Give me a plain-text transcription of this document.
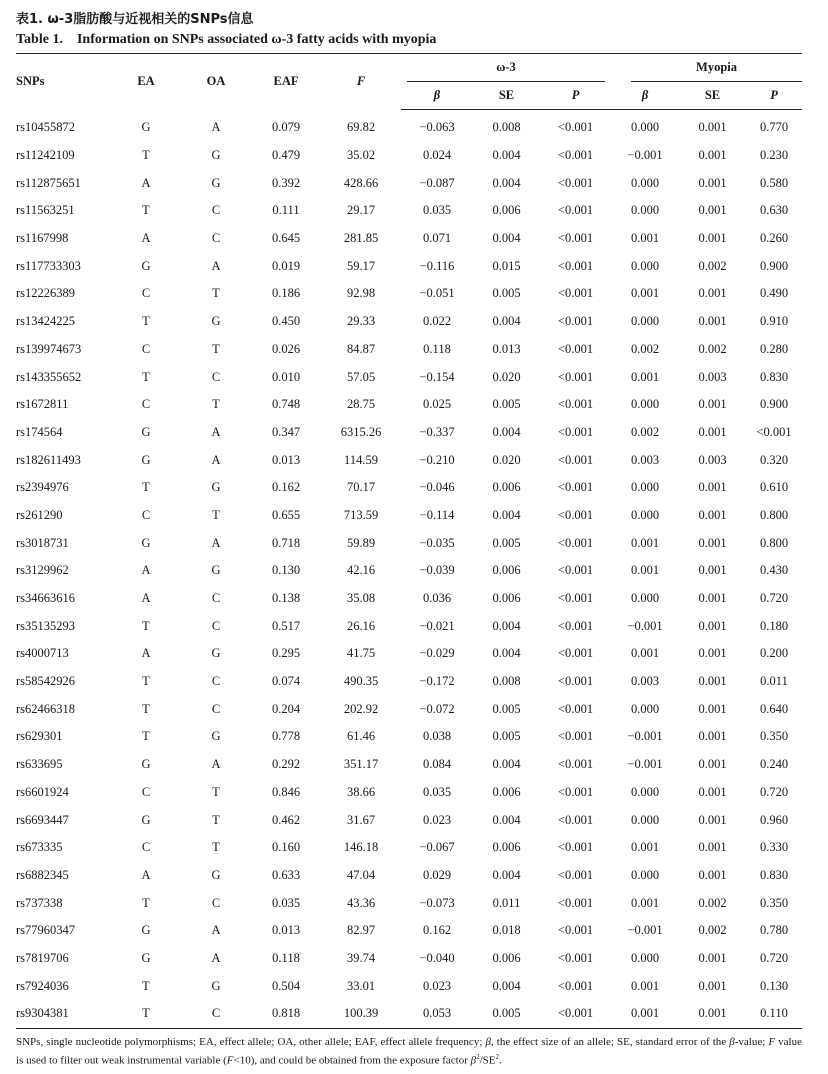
表1. ω-3脂肪酸与近视相关的SNPs信息
Table 1. Information on SNPs associated ω-3 fatty acids with myopia
SNPs	EA	OA	EAF	F	ω-3			Myopia		

					β	SE	P	β	SE	P
rs10455872	G	A	0.079	69.82	−0.063	0.008	<0.001	0.000	0.001	0.770
rs11242109	T	G	0.479	35.02	0.024	0.004	<0.001	−0.001	0.001	0.230
rs112875651	A	G	0.392	428.66	−0.087	0.004	<0.001	0.000	0.001	0.580
rs11563251	T	C	0.111	29.17	0.035	0.006	<0.001	0.000	0.001	0.630
rs1167998	A	C	0.645	281.85	0.071	0.004	<0.001	0.001	0.001	0.260
rs117733303	G	A	0.019	59.17	−0.116	0.015	<0.001	0.000	0.002	0.900
rs12226389	C	T	0.186	92.98	−0.051	0.005	<0.001	0.001	0.001	0.490
rs13424225	T	G	0.450	29.33	0.022	0.004	<0.001	0.000	0.001	0.910
rs139974673	C	T	0.026	84.87	0.118	0.013	<0.001	0.002	0.002	0.280
rs143355652	T	C	0.010	57.05	−0.154	0.020	<0.001	0.001	0.003	0.830
rs1672811	C	T	0.748	28.75	0.025	0.005	<0.001	0.000	0.001	0.900
rs174564	G	A	0.347	6315.26	−0.337	0.004	<0.001	0.002	0.001	<0.001
rs182611493	G	A	0.013	114.59	−0.210	0.020	<0.001	0.003	0.003	0.320
rs2394976	T	G	0.162	70.17	−0.046	0.006	<0.001	0.000	0.001	0.610
rs261290	C	T	0.655	713.59	−0.114	0.004	<0.001	0.000	0.001	0.800
rs3018731	G	A	0.718	59.89	−0.035	0.005	<0.001	0.001	0.001	0.800
rs3129962	A	G	0.130	42.16	−0.039	0.006	<0.001	0.001	0.001	0.430
rs34663616	A	C	0.138	35.08	0.036	0.006	<0.001	0.000	0.001	0.720
rs35135293	T	C	0.517	26.16	−0.021	0.004	<0.001	−0.001	0.001	0.180
rs4000713	A	G	0.295	41.75	−0.029	0.004	<0.001	0.001	0.001	0.200
rs58542926	T	C	0.074	490.35	−0.172	0.008	<0.001	0.003	0.001	0.011
rs62466318	T	C	0.204	202.92	−0.072	0.005	<0.001	0.000	0.001	0.640
rs629301	T	G	0.778	61.46	0.038	0.005	<0.001	−0.001	0.001	0.350
rs633695	G	A	0.292	351.17	0.084	0.004	<0.001	−0.001	0.001	0.240
rs6601924	C	T	0.846	38.66	0.035	0.006	<0.001	0.000	0.001	0.720
rs6693447	G	T	0.462	31.67	0.023	0.004	<0.001	0.000	0.001	0.960
rs673335	C	T	0.160	146.18	−0.067	0.006	<0.001	0.001	0.001	0.330
rs6882345	A	G	0.633	47.04	0.029	0.004	<0.001	0.000	0.001	0.830
rs737338	T	C	0.035	43.36	−0.073	0.011	<0.001	0.001	0.002	0.350
rs77960347	G	A	0.013	82.97	0.162	0.018	<0.001	−0.001	0.002	0.780
rs7819706	G	A	0.118	39.74	−0.040	0.006	<0.001	0.000	0.001	0.720
rs7924036	T	G	0.504	33.01	0.023	0.004	<0.001	0.001	0.001	0.130
rs9304381	T	C	0.818	100.39	0.053	0.005	<0.001	0.001	0.001	0.110
SNPs, single nucleotide polymorphisms; EA, effect allele; OA, other allele; EAF, effect allele frequency; β, the effect size of an allele; SE, standard error of the β-value; F value is used to filter out weak instrumental variable (F<10), and could be obtained from the exposure factor $\beta^2/SE^2$.
